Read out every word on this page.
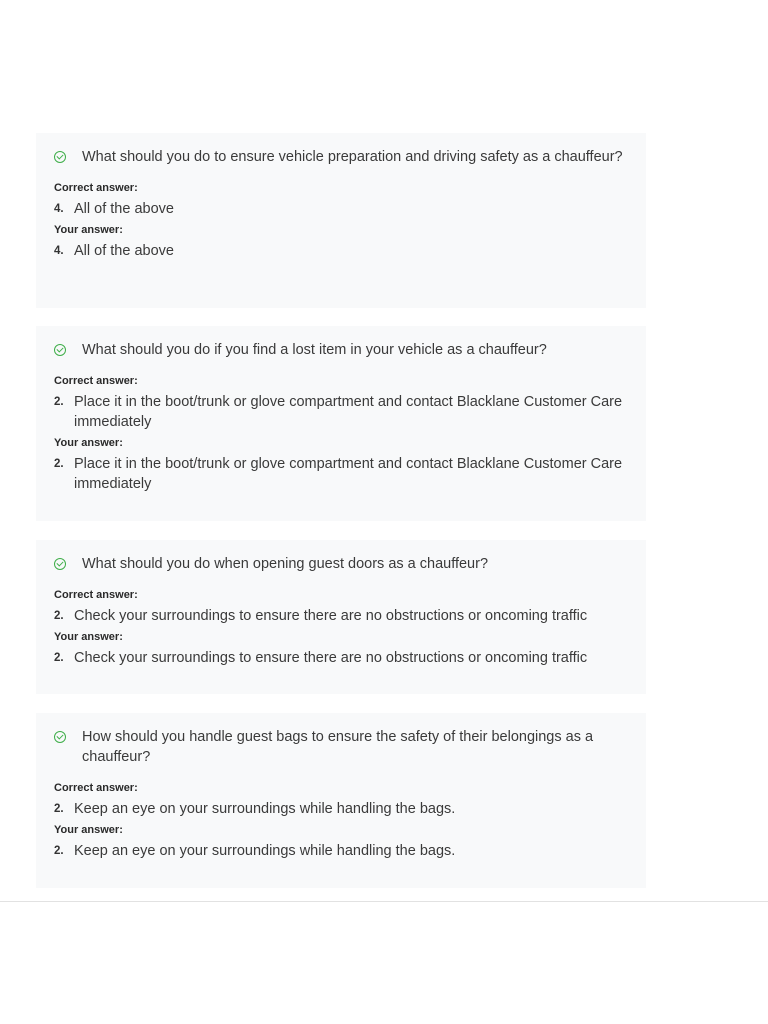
What should you do to ensure vehicle preparation and driving safety as a chauffeur?
Correct answer:
4. All of the above
Your answer:
4. All of the above
What should you do if you find a lost item in your vehicle as a chauffeur?
Correct answer:
2. Place it in the boot/trunk or glove compartment and contact Blacklane Customer Care immediately
Your answer:
2. Place it in the boot/trunk or glove compartment and contact Blacklane Customer Care immediately
What should you do when opening guest doors as a chauffeur?
Correct answer:
2. Check your surroundings to ensure there are no obstructions or oncoming traffic
Your answer:
2. Check your surroundings to ensure there are no obstructions or oncoming traffic
How should you handle guest bags to ensure the safety of their belongings as a chauffeur?
Correct answer:
2. Keep an eye on your surroundings while handling the bags.
Your answer:
2. Keep an eye on your surroundings while handling the bags.
